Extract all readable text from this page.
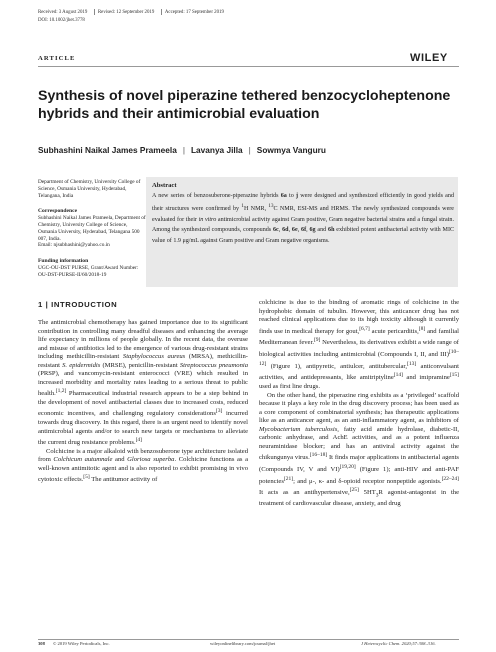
Received: 3 August 2019 Revised: 12 September 2019 Accepted: 17 September 2019
DOI: 10.1002/jhet.3778
ARTICLE	WILEY
Synthesis of novel piperazine tethered benzocycloheptenone hybrids and their antimicrobial evaluation
Subhashini Naikal James Prameela | Lavanya Jilla | Sowmya Vanguru
Department of Chemistry, University College of Science, Osmania University, Hyderabad, Telangana, India
Correspondence
Subhashini Naikal James Prameela, Department of Chemistry, University College of Science, Osmania University, Hyderabad, Telangana 500 007, India.
Email: njsubhashini@yahoo.co.in
Funding information
UGC-OU-DST PURSE, Grant/Award Number: OU-DST-PURSE-II/60/2018-19
Abstract
A new series of benzosuberone-piperazine hybrids 6a to j were designed and synthesized efficiently in good yields and their structures were confirmed by $^1$H NMR, $^{13}$C NMR, ESI-MS and HRMS. The newly synthesized compounds were evaluated for their in vitro antimicrobial activity against Gram positive, Gram negative bacterial strains and a fungal strain. Among the synthesized compounds, compounds 6c, 6d, 6e, 6f, 6g and 6h exhibited potent antibacterial activity with MIC value of 1.9 μg/mL against Gram positive and Gram negative organisms.

1 | INTRODUCTION

The antimicrobial chemotherapy has gained importance due to its significant contribution in controlling many dreadful diseases and enhancing the average life expectancy in millions of people globally. In the recent data, the overuse and misuse of antibiotics led to the emergence of various drug-resistant strains including methicillin-resistant Staphylococcus aureus (MRSA), methicillin-resistant S. epidermidis (MRSE), penicillin-resistant Streptococcus pneumonia (PRSP), and vancomycin-resistant enterococci (VRE) which resulted in increased morbidity and mortality rates leading to a serious threat to public health.[1,2] Pharmaceutical industrial research appears to be a step behind in the development of novel antibacterial classes due to increased costs, reduced economic incentives, and challenging regulatory considerations[3] incurred towards drug discovery. In this regard, there is an urgent need to identify novel antimicrobial agents and/or to search new targets or mechanisms to alleviate the current drug resistance problems.[4]

Colchicine is a major alkaloid with benzosuberone type architecture isolated from Colchicum autumnale and Gloriosa superba. Colchicine functions as a well-known antimitotic agent and is also reported to exhibit promising in vivo cytotoxic effects.[5] The antitumor activity of

colchicine is due to the binding of aromatic rings of colchicine in the hydrophobic domain of tubulin. However, this anticancer drug has not reached clinical applications due to its high toxicity although it currently finds use in medical therapy for gout,[6,7] acute pericarditis,[8] and familial Mediterranean fever.[9] Nevertheless, its derivatives exhibit a wide range of biological activities including antimicrobial (Compounds I, II, and III)[10–12] (Figure 1), antipyretic, antiulcer, antitubercular,[13] anticonvulsant activities, and antidepressants, like amitriptyline[14] and imipramine[15] used as first line drugs.

On the other hand, the piperazine ring exhibits as a ‘privileged’ scaffold because it plays a key role in the drug discovery process; has been used as a core component of combinatorial synthesis; has therapeutic applications like as an anticancer agent, as an anti-inflammatory agent, as inhibitors of Mycobacterium tuberculosis, fatty acid amide hydrolase, diabetic-II, carbonic anhydrase, and AchE activities, and as a potent influenza neuraminidase blocker; and has an antiviral activity against the chikungunya virus.[16–18] It finds major applications in antibacterial agents (Compounds IV, V and VI)[19,20] (Figure 1); anti-HIV and anti-PAF potencies[21]; and μ-, κ- and δ-opioid receptor nonpeptide agonists.[22–24] It acts as an antihypertensive,[25] $5HT_3R$ agonist-antagonist in the treatment of cardiovascular disease, anxiety, and drug

308 © 2019 Wiley Periodicals, Inc.	wileyonlinelibrary.com/journal/jhet	J Heterocyclic Chem. 2020;57:308–316.
